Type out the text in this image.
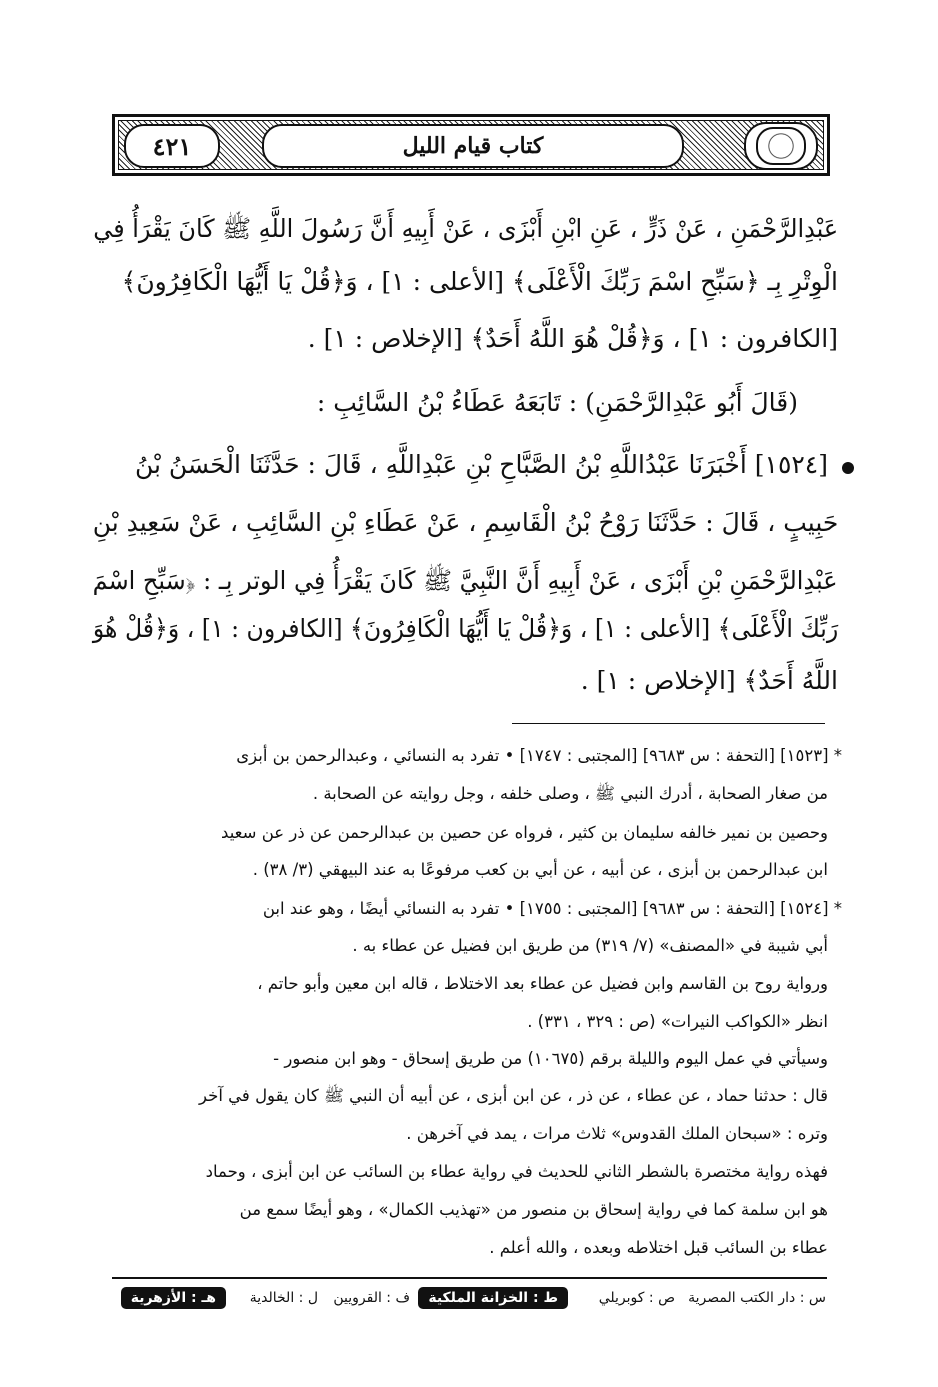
٤٢١	كتاب قيام الليل
عَبْدِالرَّحْمَنِ ، عَنْ ذَرٍّ ، عَنِ ابْنِ أَبْزَى ، عَنْ أَبِيهِ أَنَّ رَسُولَ اللَّهِ ﷺ كَانَ يَقْرَأُ فِي
الْوِتْرِ بِـ ﴿سَبِّحِ اسْمَ رَبِّكَ الْأَعْلَى﴾ [الأعلى : ١] ، وَ﴿قُلْ يَا أَيُّهَا الْكَافِرُونَ﴾
[الكافرون : ١] ، وَ﴿قُلْ هُوَ اللَّهُ أَحَدٌ﴾ [الإخلاص : ١] .
(قَالَ أَبُو عَبْدِالرَّحْمَنِ) : تَابَعَهُ عَطَاءُ بْنُ السَّائِبِ :
[١٥٢٤] أَخْبَرَنَا عَبْدُاللَّهِ بْنُ الصَّبَّاحِ بْنِ عَبْدِاللَّهِ ، قَالَ : حَدَّثَنَا الْحَسَنُ بْنُ
حَبِيبٍ ، قَالَ : حَدَّثَنَا رَوْحُ بْنُ الْقَاسِمِ ، عَنْ عَطَاءِ بْنِ السَّائِبِ ، عَنْ سَعِيدِ بْنِ
عَبْدِالرَّحْمَنِ بْنِ أَبْزَى ، عَنْ أَبِيهِ أَنَّ النَّبِيَّ ﷺ كَانَ يَقْرَأُ فِي الوتر بِـ : ﴿سَبِّحِ اسْمَ
رَبِّكَ الْأَعْلَى﴾ [الأعلى : ١] ، وَ﴿قُلْ يَا أَيُّهَا الْكَافِرُونَ﴾ [الكافرون : ١] ، وَ﴿قُلْ هُوَ
اللَّهُ أَحَدٌ﴾ [الإخلاص : ١] .
* [١٥٢٣] [التحفة : س ٩٦٨٣] [المجتبى : ١٧٤٧] • تفرد به النسائي ، وعبدالرحمن بن أبزى
من صغار الصحابة ، أدرك النبي ﷺ ، وصلى خلفه ، وجل روايته عن الصحابة .
وحصين بن نمير خالفه سليمان بن كثير ، فرواه عن حصين بن عبدالرحمن عن ذر عن سعيد
ابن عبدالرحمن بن أبزى ، عن أبيه ، عن أبي بن كعب مرفوعًا به عند البيهقي (٣/ ٣٨) .
* [١٥٢٤] [التحفة : س ٩٦٨٣] [المجتبى : ١٧٥٥] • تفرد به النسائي أيضًا ، وهو عند ابن
أبي شيبة في «المصنف» (٧/ ٣١٩) من طريق ابن فضيل عن عطاء به .
ورواية روح بن القاسم وابن فضيل عن عطاء بعد الاختلاط ، قاله ابن معين وأبو حاتم ،
انظر «الكواكب النيرات» (ص : ٣٢٩ ، ٣٣١) .
وسيأتي في عمل اليوم والليلة برقم (١٠٦٧٥) من طريق إسحاق - وهو ابن منصور -
قال : حدثنا حماد ، عن عطاء ، عن ذر ، عن ابن أبزى ، عن أبيه أن النبي ﷺ كان يقول في آخر
وتره : «سبحان الملك القدوس» ثلاث مرات ، يمد في آخرهن .
فهذه رواية مختصرة بالشطر الثاني للحديث في رواية عطاء بن السائب عن ابن أبزى ، وحماد
هو ابن سلمة كما في رواية إسحاق بن منصور من «تهذيب الكمال» ، وهو أيضًا سمع من
عطاء بن السائب قبل اختلاطه وبعده ، والله أعلم .
س : دار الكتب المصرية
ص : كوبريلي
ط : الخزانة الملكية
ف : القرويين
ل : الخالدية
هـ : الأزهرية
